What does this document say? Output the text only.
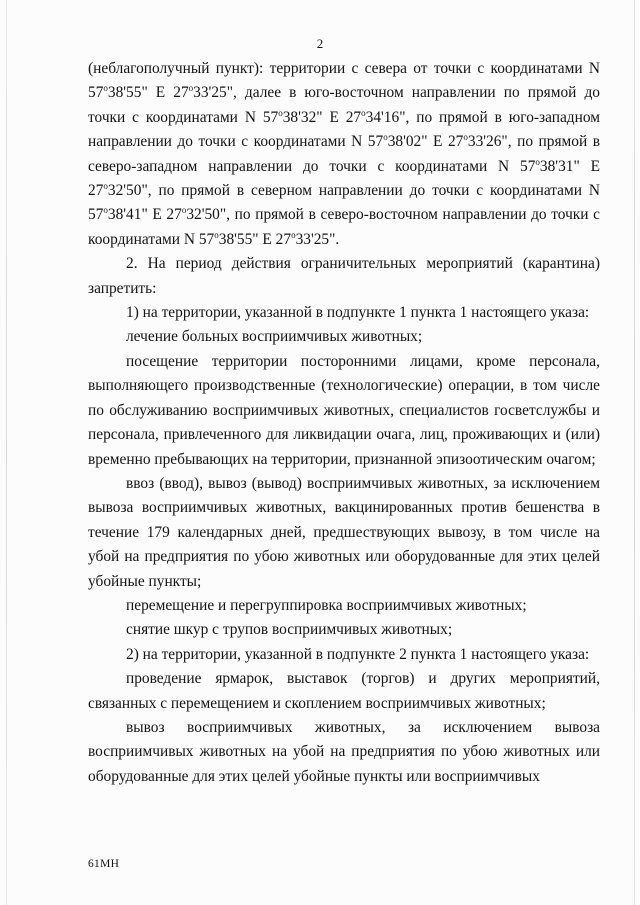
2

(неблагополучный пункт): территории с севера от точки с координатами N 57$^o$38'55" E 27$^o$33'25", далее в юго-восточном направлении по прямой до точки с координатами N 57$^o$38'32" E 27$^o$34'16", по прямой в юго-западном направлении до точки с координатами N 57$^o$38'02" E 27$^o$33'26", по прямой в северо-западном направлении до точки с координатами N 57$^o$38'31" E 27$^o$32'50", по прямой в северном направлении до точки с координатами N 57$^o$38'41" E 27$^o$32'50", по прямой в северо-восточном направлении до точки с координатами N 57$^o$38'55" E 27$^o$33'25".

2. На период действия ограничительных мероприятий (карантина) запретить:

1) на территории, указанной в подпункте 1 пункта 1 настоящего указа:

лечение больных восприимчивых животных;

посещение территории посторонними лицами, кроме персонала, выполняющего производственные (технологические) операции, в том числе по обслуживанию восприимчивых животных, специалистов госветслужбы и персонала, привлеченного для ликвидации очага, лиц, проживающих и (или) временно пребывающих на территории, признанной эпизоотическим очагом;

ввоз (ввод), вывоз (вывод) восприимчивых животных, за исключением вывоза восприимчивых животных, вакцинированных против бешенства в течение 179 календарных дней, предшествующих вывозу, в том числе на убой на предприятия по убою животных или оборудованные для этих целей убойные пункты;

перемещение и перегруппировка восприимчивых животных;

снятие шкур с трупов восприимчивых животных;

2) на территории, указанной в подпункте 2 пункта 1 настоящего указа:

проведение ярмарок, выставок (торгов) и других мероприятий, связанных с перемещением и скоплением восприимчивых животных;

вывоз восприимчивых животных, за исключением вывоза восприимчивых животных на убой на предприятия по убою животных или оборудованные для этих целей убойные пункты или восприимчивых

61МН
